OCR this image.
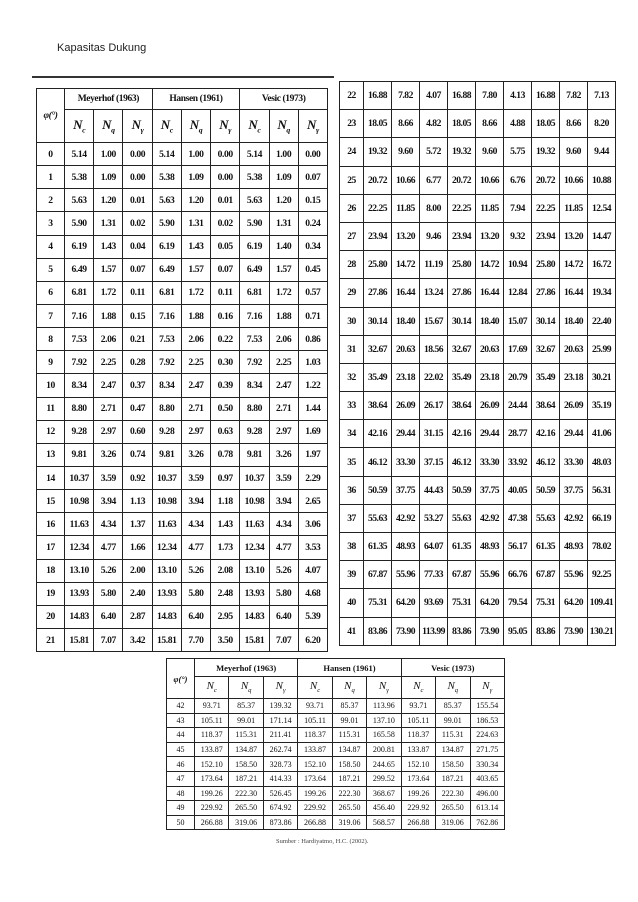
Kapasitas Dukung
φ(°)	Meyerhof (1963)			Hansen (1961)			Vesic (1973)		
	$N_c$	$N_q$	$N_\gamma$	$N_c$	$N_q$	$N_\gamma$	$N_c$	$N_q$	$N_\gamma$
0	5.14	1.00	0.00	5.14	1.00	0.00	5.14	1.00	0.00
1	5.38	1.09	0.00	5.38	1.09	0.00	5.38	1.09	0.07
2	5.63	1.20	0.01	5.63	1.20	0.01	5.63	1.20	0.15
3	5.90	1.31	0.02	5.90	1.31	0.02	5.90	1.31	0.24
4	6.19	1.43	0.04	6.19	1.43	0.05	6.19	1.40	0.34
5	6.49	1.57	0.07	6.49	1.57	0.07	6.49	1.57	0.45
6	6.81	1.72	0.11	6.81	1.72	0.11	6.81	1.72	0.57
7	7.16	1.88	0.15	7.16	1.88	0.16	7.16	1.88	0.71
8	7.53	2.06	0.21	7.53	2.06	0.22	7.53	2.06	0.86
9	7.92	2.25	0.28	7.92	2.25	0.30	7.92	2.25	1.03
10	8.34	2.47	0.37	8.34	2.47	0.39	8.34	2.47	1.22
11	8.80	2.71	0.47	8.80	2.71	0.50	8.80	2.71	1.44
12	9.28	2.97	0.60	9.28	2.97	0.63	9.28	2.97	1.69
13	9.81	3.26	0.74	9.81	3.26	0.78	9.81	3.26	1.97
14	10.37	3.59	0.92	10.37	3.59	0.97	10.37	3.59	2.29
15	10.98	3.94	1.13	10.98	3.94	1.18	10.98	3.94	2.65
16	11.63	4.34	1.37	11.63	4.34	1.43	11.63	4.34	3.06
17	12.34	4.77	1.66	12.34	4.77	1.73	12.34	4.77	3.53
18	13.10	5.26	2.00	13.10	5.26	2.08	13.10	5.26	4.07
19	13.93	5.80	2.40	13.93	5.80	2.48	13.93	5.80	4.68
20	14.83	6.40	2.87	14.83	6.40	2.95	14.83	6.40	5.39
21	15.81	7.07	3.42	15.81	7.70	3.50	15.81	7.07	6.20
22	16.88	7.82	4.07	16.88	7.80	4.13	16.88	7.82	7.13
23	18.05	8.66	4.82	18.05	8.66	4.88	18.05	8.66	8.20
24	19.32	9.60	5.72	19.32	9.60	5.75	19.32	9.60	9.44
25	20.72	10.66	6.77	20.72	10.66	6.76	20.72	10.66	10.88
26	22.25	11.85	8.00	22.25	11.85	7.94	22.25	11.85	12.54
27	23.94	13.20	9.46	23.94	13.20	9.32	23.94	13.20	14.47
28	25.80	14.72	11.19	25.80	14.72	10.94	25.80	14.72	16.72
29	27.86	16.44	13.24	27.86	16.44	12.84	27.86	16.44	19.34
30	30.14	18.40	15.67	30.14	18.40	15.07	30.14	18.40	22.40
31	32.67	20.63	18.56	32.67	20.63	17.69	32.67	20.63	25.99
32	35.49	23.18	22.02	35.49	23.18	20.79	35.49	23.18	30.21
33	38.64	26.09	26.17	38.64	26.09	24.44	38.64	26.09	35.19
34	42.16	29.44	31.15	42.16	29.44	28.77	42.16	29.44	41.06
35	46.12	33.30	37.15	46.12	33.30	33.92	46.12	33.30	48.03
36	50.59	37.75	44.43	50.59	37.75	40.05	50.59	37.75	56.31
37	55.63	42.92	53.27	55.63	42.92	47.38	55.63	42.92	66.19
38	61.35	48.93	64.07	61.35	48.93	56.17	61.35	48.93	78.02
39	67.87	55.96	77.33	67.87	55.96	66.76	67.87	55.96	92.25
40	75.31	64.20	93.69	75.31	64.20	79.54	75.31	64.20	109.41
41	83.86	73.90	113.99	83.86	73.90	95.05	83.86	73.90	130.21
φ(°)	Meyerhof (1963)			Hansen (1961)			Vesic (1973)		
	$N_c$	$N_q$	$N_\gamma$	$N_c$	$N_q$	$N_\gamma$	$N_c$	$N_q$	$N_\gamma$
42	93.71	85.37	139.32	93.71	85.37	113.96	93.71	85.37	155.54
43	105.11	99.01	171.14	105.11	99.01	137.10	105.11	99.01	186.53
44	118.37	115.31	211.41	118.37	115.31	165.58	118.37	115.31	224.63
45	133.87	134.87	262.74	133.87	134.87	200.81	133.87	134.87	271.75
46	152.10	158.50	328.73	152.10	158.50	244.65	152.10	158.50	330.34
47	173.64	187.21	414.33	173.64	187.21	299.52	173.64	187.21	403.65
48	199.26	222.30	526.45	199.26	222.30	368.67	199.26	222.30	496.00
49	229.92	265.50	674.92	229.92	265.50	456.40	229.92	265.50	613.14
50	266.88	319.06	873.86	266.88	319.06	568.57	266.88	319.06	762.86
Sumber : Hardiyatmo, H.C. (2002).
